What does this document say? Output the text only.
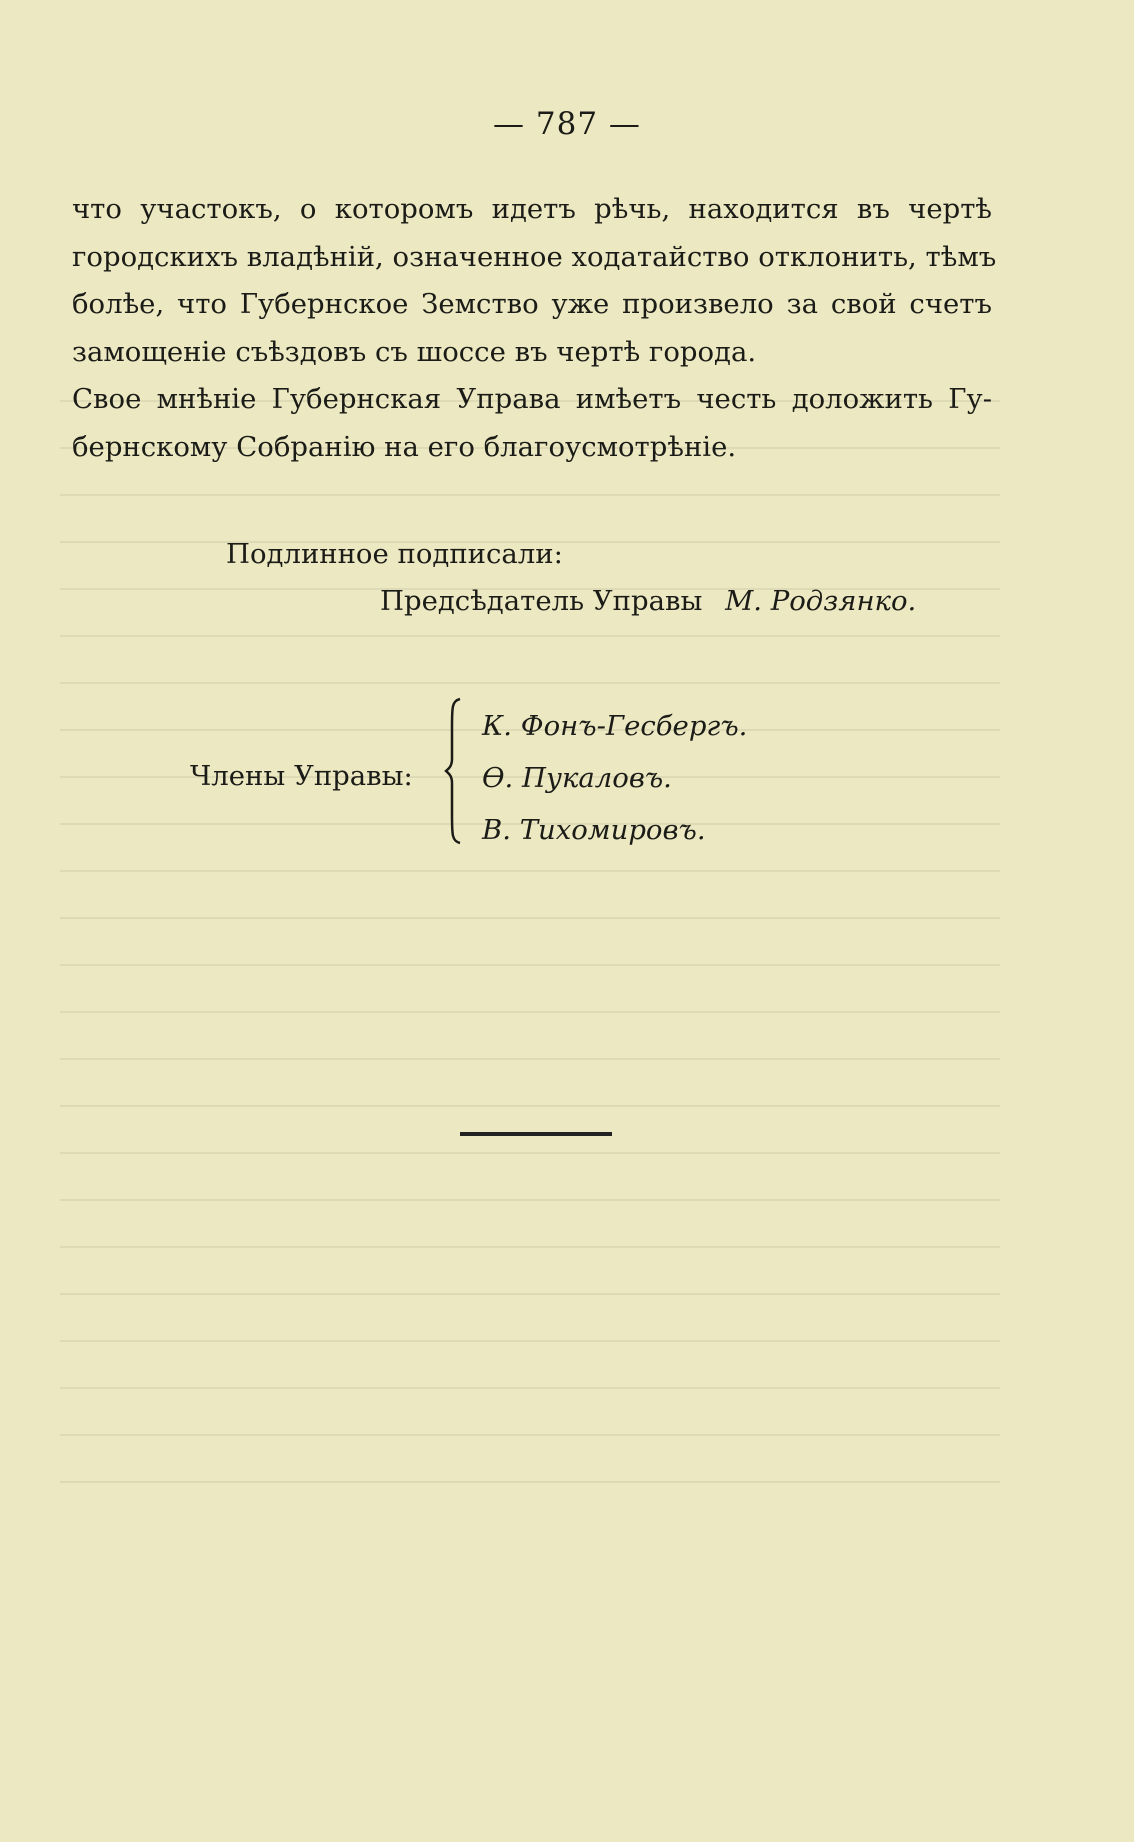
— 787 —
что участокъ, о которомъ идетъ рѣчь, находится въ чертѣ
городскихъ владѣній, означенное ходатайство отклонить, тѣмъ
болѣе, что Губернское Земство уже произвело за свой счетъ
замощеніе съѣздовъ съ шоссе въ чертѣ города.
Свое мнѣніе Губернская Управа имѣетъ честь доложить Гу-
бернскому Собранію на его благоусмотрѣніе.
Подлинное подписали:
Предсѣдатель Управы М. Родзянко.
Члены Управы:
К. Фонъ-Гесбергъ.
Ѳ. Пукаловъ.
В. Тихомировъ.
